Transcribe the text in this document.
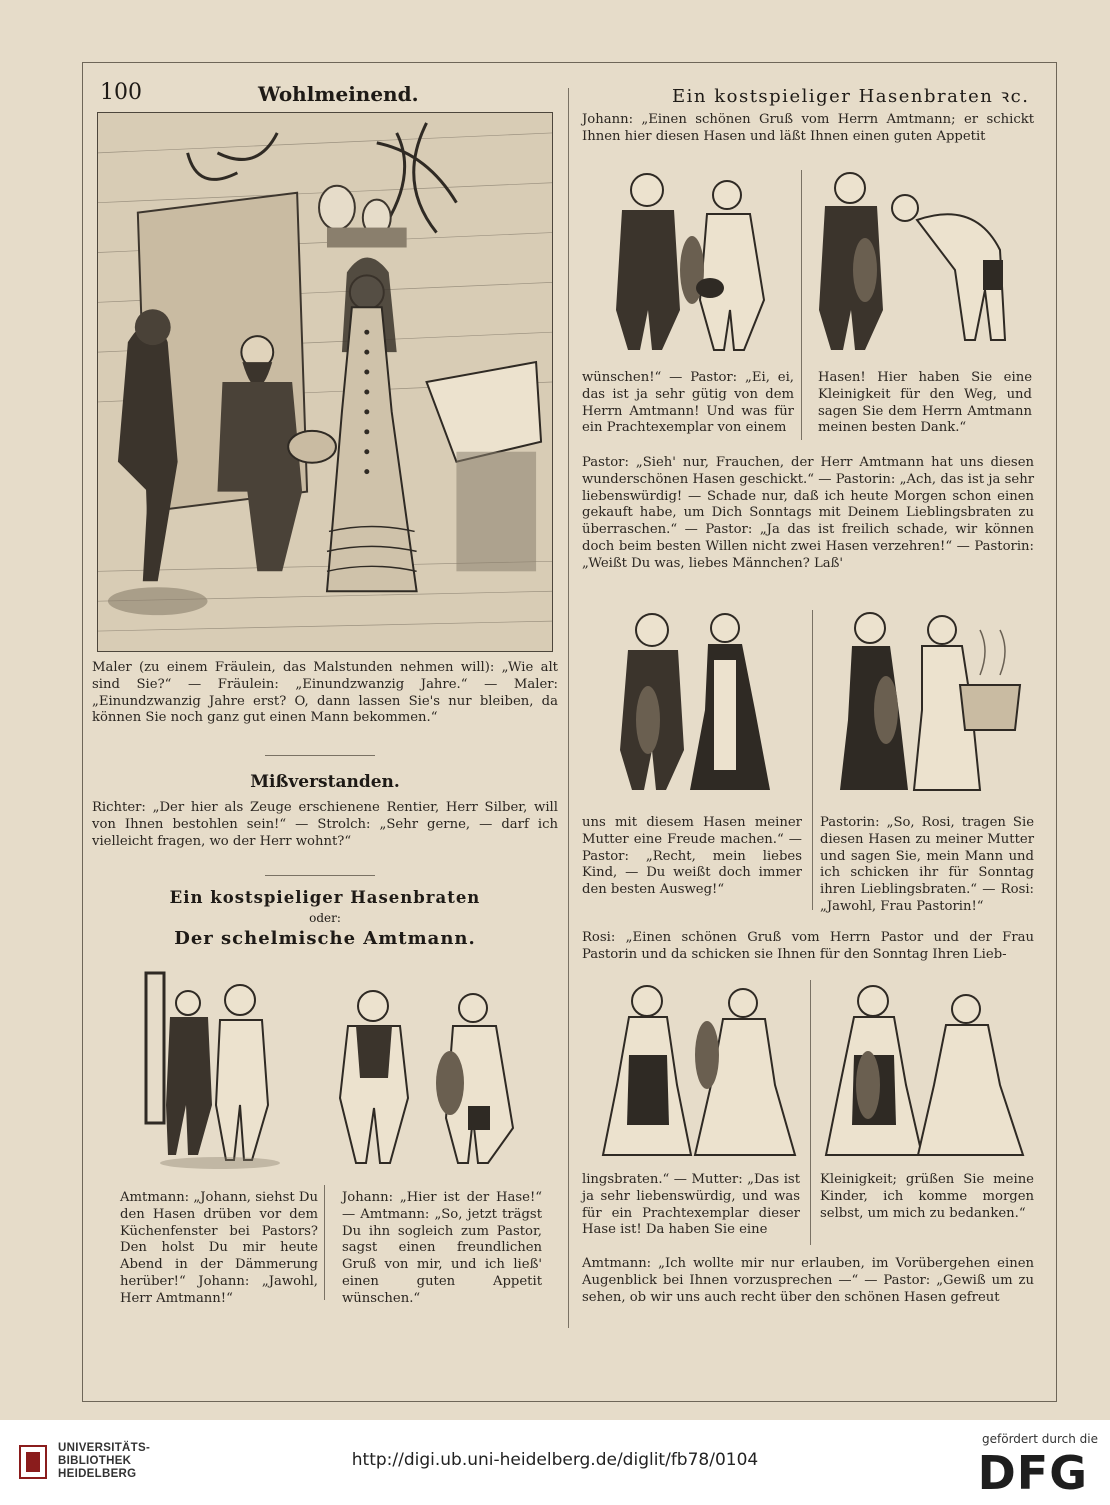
100	Wohlmeinend.	Ein kostspieliger Hasenbraten ꝛc.

Maler (zu einem Fräulein, das Malstunden nehmen will): „Wie alt sind Sie?“ — Fräulein: „Einundzwanzig Jahre.“ — Maler: „Einundzwanzig Jahre erst? O, dann lassen Sie's nur bleiben, da können Sie noch ganz gut einen Mann bekommen.“

Mißverstanden.

Richter: „Der hier als Zeuge erschienene Rentier, Herr Silber, will von Ihnen bestohlen sein!“ — Strolch: „Sehr gerne, — darf ich vielleicht fragen, wo der Herr wohnt?“

Ein kostspieliger Hasenbraten
oder:
Der schelmische Amtmann.

Amtmann: „Johann, siehst Du den Hasen drüben vor dem Küchenfenster bei Pastors? Den holst Du mir heute Abend in der Dämmerung herüber!“ Johann: „Jawohl, Herr Amtmann!“

Johann: „Hier ist der Hase!“ — Amtmann: „So, jetzt trägst Du ihn sogleich zum Pastor, sagst einen freundlichen Gruß von mir, und ich ließ' einen guten Appetit wünschen.“

Johann: „Einen schönen Gruß vom Herrn Amtmann; er schickt Ihnen hier diesen Hasen und läßt Ihnen einen guten Appetit

wünschen!“ — Pastor: „Ei, ei, das ist ja sehr gütig von dem Herrn Amtmann! Und was für ein Prachtexemplar von einem

Hasen! Hier haben Sie eine Kleinigkeit für den Weg, und sagen Sie dem Herrn Amtmann meinen besten Dank.“

Pastor: „Sieh' nur, Frauchen, der Herr Amtmann hat uns diesen wunderschönen Hasen geschickt.“ — Pastorin: „Ach, das ist ja sehr liebenswürdig! — Schade nur, daß ich heute Morgen schon einen gekauft habe, um Dich Sonntags mit Deinem Lieblingsbraten zu überraschen.“ — Pastor: „Ja das ist freilich schade, wir können doch beim besten Willen nicht zwei Hasen verzehren!“ — Pastorin: „Weißt Du was, liebes Männchen? Laß'

uns mit diesem Hasen meiner Mutter eine Freude machen.“ — Pastor: „Recht, mein liebes Kind, — Du weißt doch immer den besten Ausweg!“

Pastorin: „So, Rosi, tragen Sie diesen Hasen zu meiner Mutter und sagen Sie, mein Mann und ich schicken ihr für Sonntag ihren Lieblingsbraten.“ — Rosi: „Jawohl, Frau Pastorin!“

Rosi: „Einen schönen Gruß vom Herrn Pastor und der Frau Pastorin und da schicken sie Ihnen für den Sonntag Ihren Lieb-

lingsbraten.“ — Mutter: „Das ist ja sehr liebenswürdig, und was für ein Prachtexemplar dieser Hase ist! Da haben Sie eine

Kleinigkeit; grüßen Sie meine Kinder, ich komme morgen selbst, um mich zu bedanken.“

Amtmann: „Ich wollte mir nur erlauben, im Vorübergehen einen Augenblick bei Ihnen vorzusprechen —“ — Pastor: „Gewiß um zu sehen, ob wir uns auch recht über den schönen Hasen gefreut

UNIVERSITÄTS-
BIBLIOTHEK
HEIDELBERG
http://digi.ub.uni-heidelberg.de/diglit/fb78/0104
gefördert durch die
DFG
